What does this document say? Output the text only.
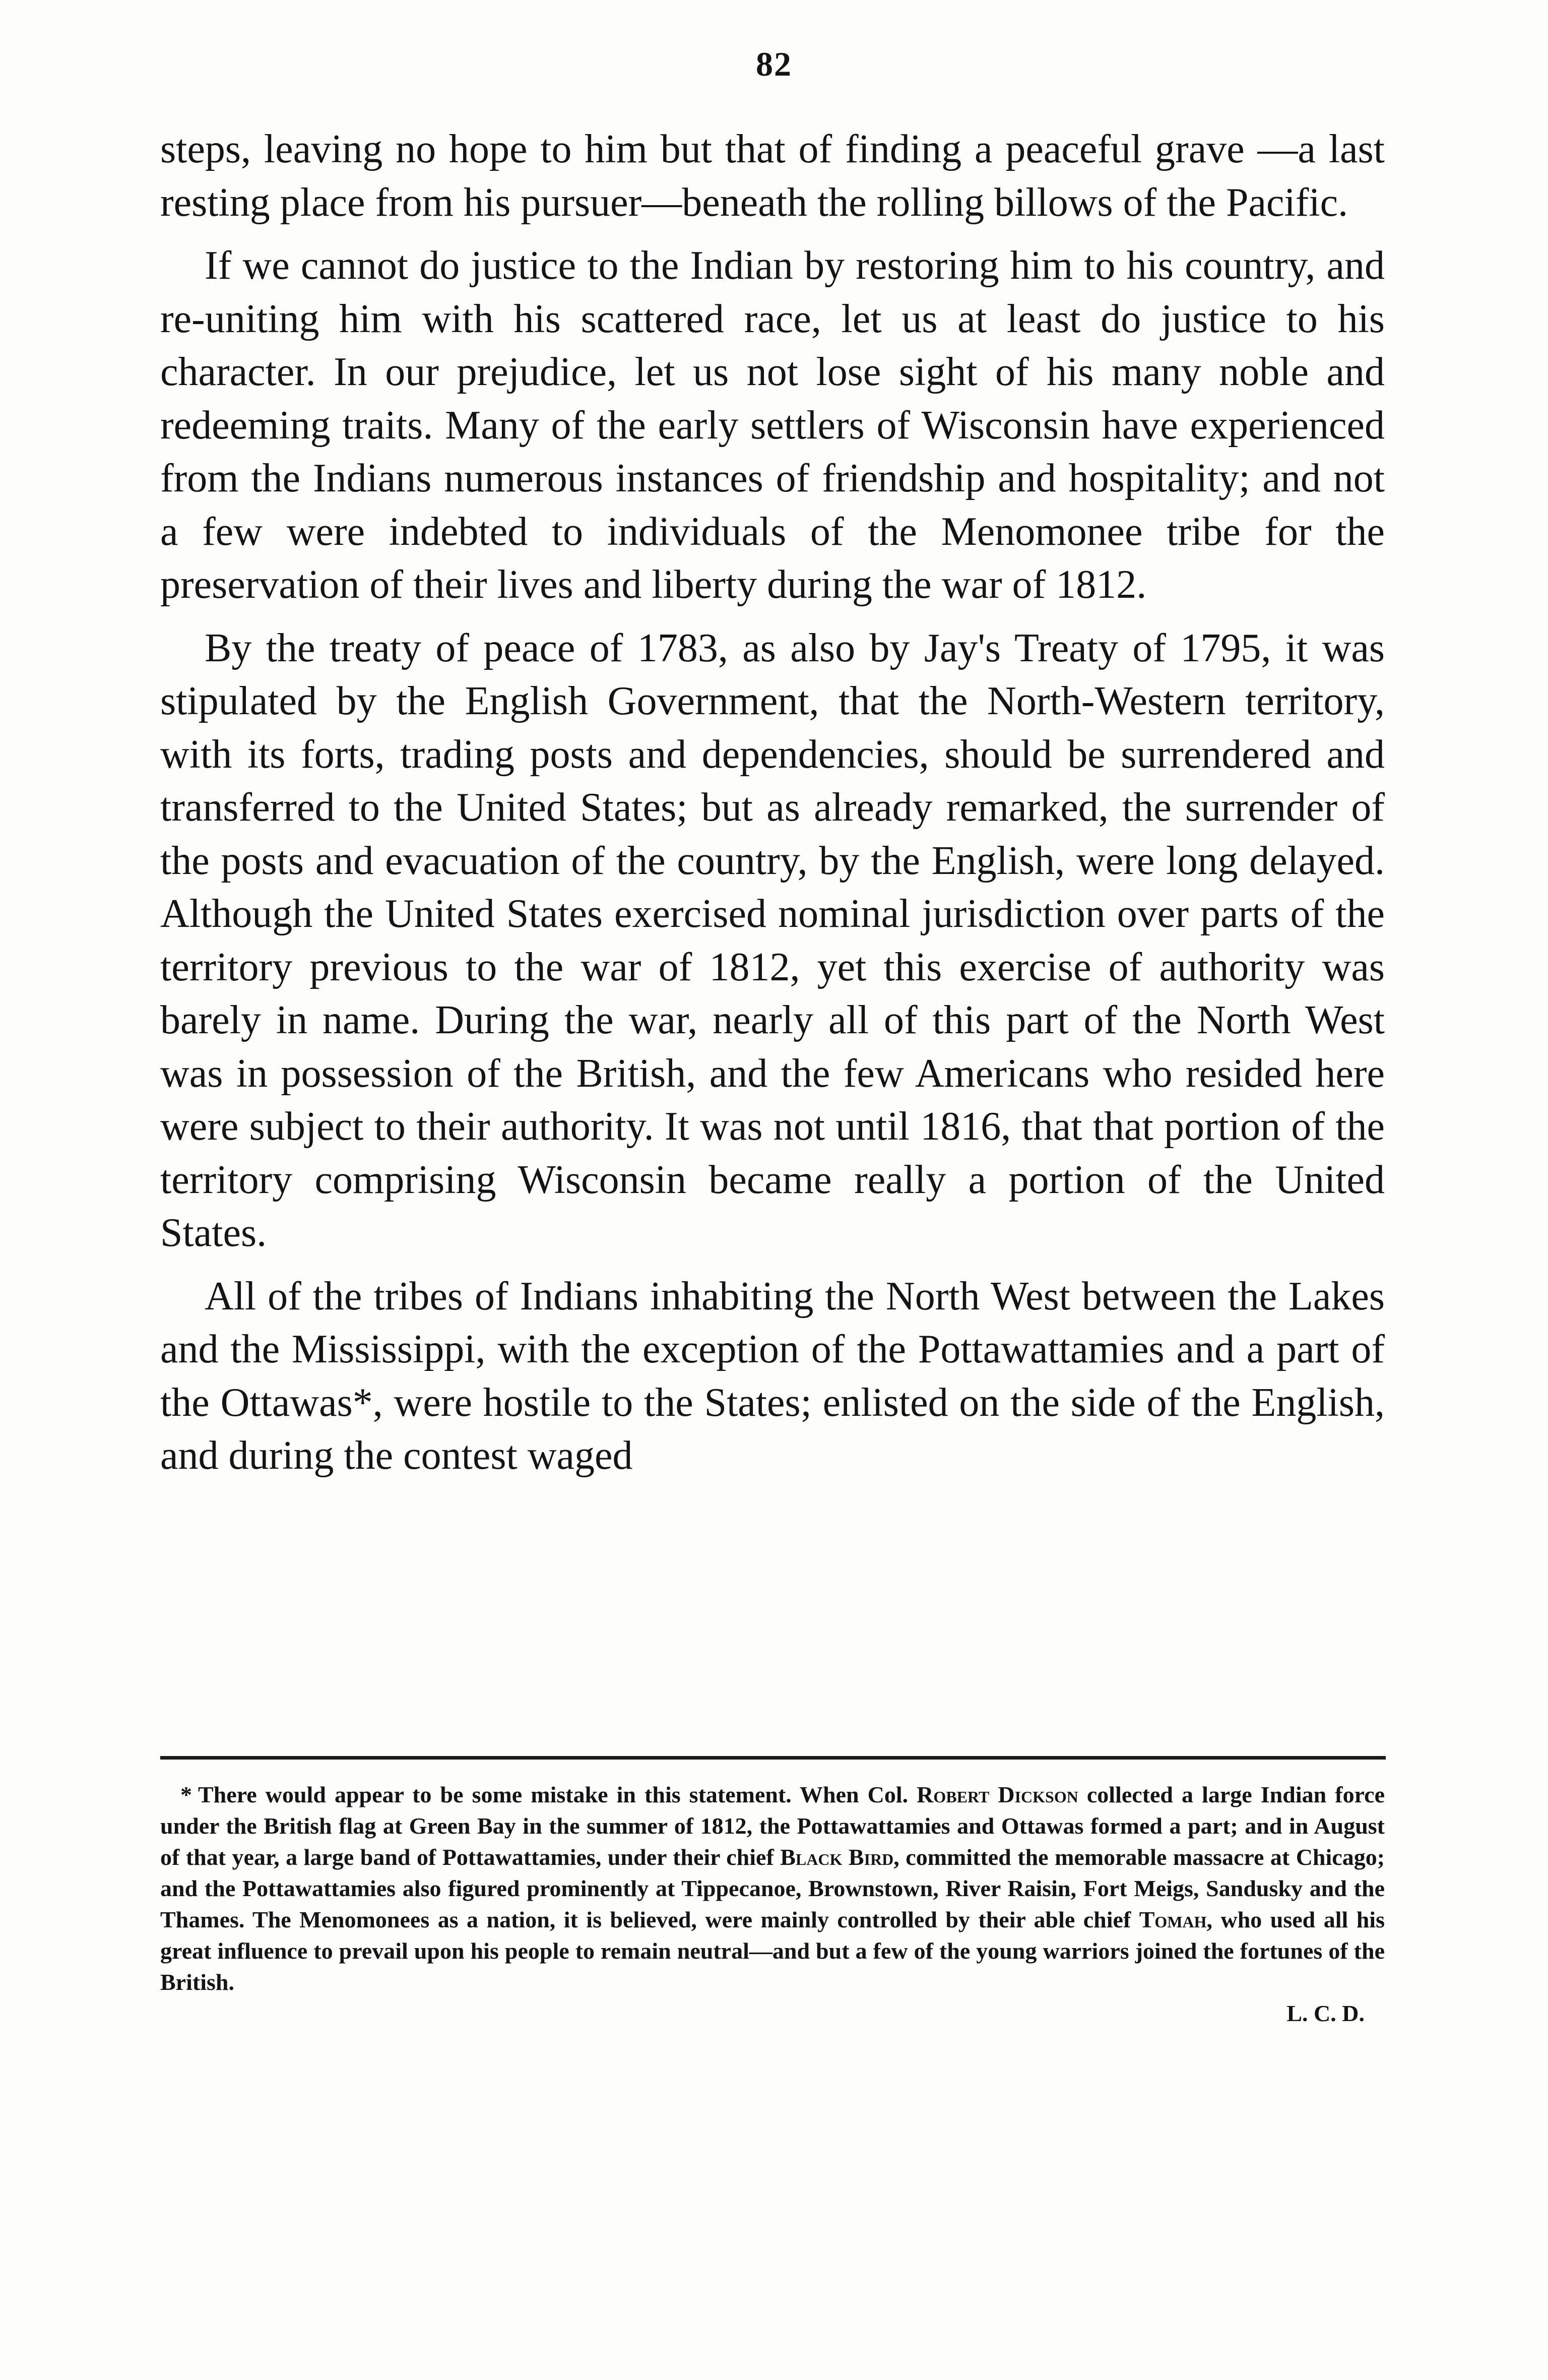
82

steps, leaving no hope to him but that of finding a peaceful grave —a last resting place from his pursuer—beneath the rolling billows of the Pacific.

If we cannot do justice to the Indian by restoring him to his country, and re-uniting him with his scattered race, let us at least do justice to his character. In our prejudice, let us not lose sight of his many noble and redeeming traits. Many of the early settlers of Wisconsin have experienced from the Indians numerous instances of friendship and hospitality; and not a few were indebted to individuals of the Menomonee tribe for the preservation of their lives and liberty during the war of 1812.

By the treaty of peace of 1783, as also by Jay's Treaty of 1795, it was stipulated by the English Government, that the North-Western territory, with its forts, trading posts and dependencies, should be surrendered and transferred to the United States; but as already remarked, the surrender of the posts and evacuation of the country, by the English, were long delayed. Although the United States exercised nominal jurisdiction over parts of the territory previous to the war of 1812, yet this exercise of authority was barely in name. During the war, nearly all of this part of the North West was in possession of the British, and the few Americans who resided here were subject to their authority. It was not until 1816, that that portion of the territory comprising Wisconsin became really a portion of the United States.

All of the tribes of Indians inhabiting the North West between the Lakes and the Mississippi, with the exception of the Pottawattamies and a part of the Ottawas*, were hostile to the States; enlisted on the side of the English, and during the contest waged

* There would appear to be some mistake in this statement. When Col. Robert Dickson collected a large Indian force under the British flag at Green Bay in the summer of 1812, the Pottawattamies and Ottawas formed a part; and in August of that year, a large band of Pottawattamies, under their chief Black Bird, committed the memorable massacre at Chicago; and the Pottawattamies also figured prominently at Tippecanoe, Brownstown, River Raisin, Fort Meigs, Sandusky and the Thames. The Menomonees as a nation, it is believed, were mainly controlled by their able chief Tomah, who used all his great influence to prevail upon his people to remain neutral—and but a few of the young warriors joined the fortunes of the British.
L. C. D.
